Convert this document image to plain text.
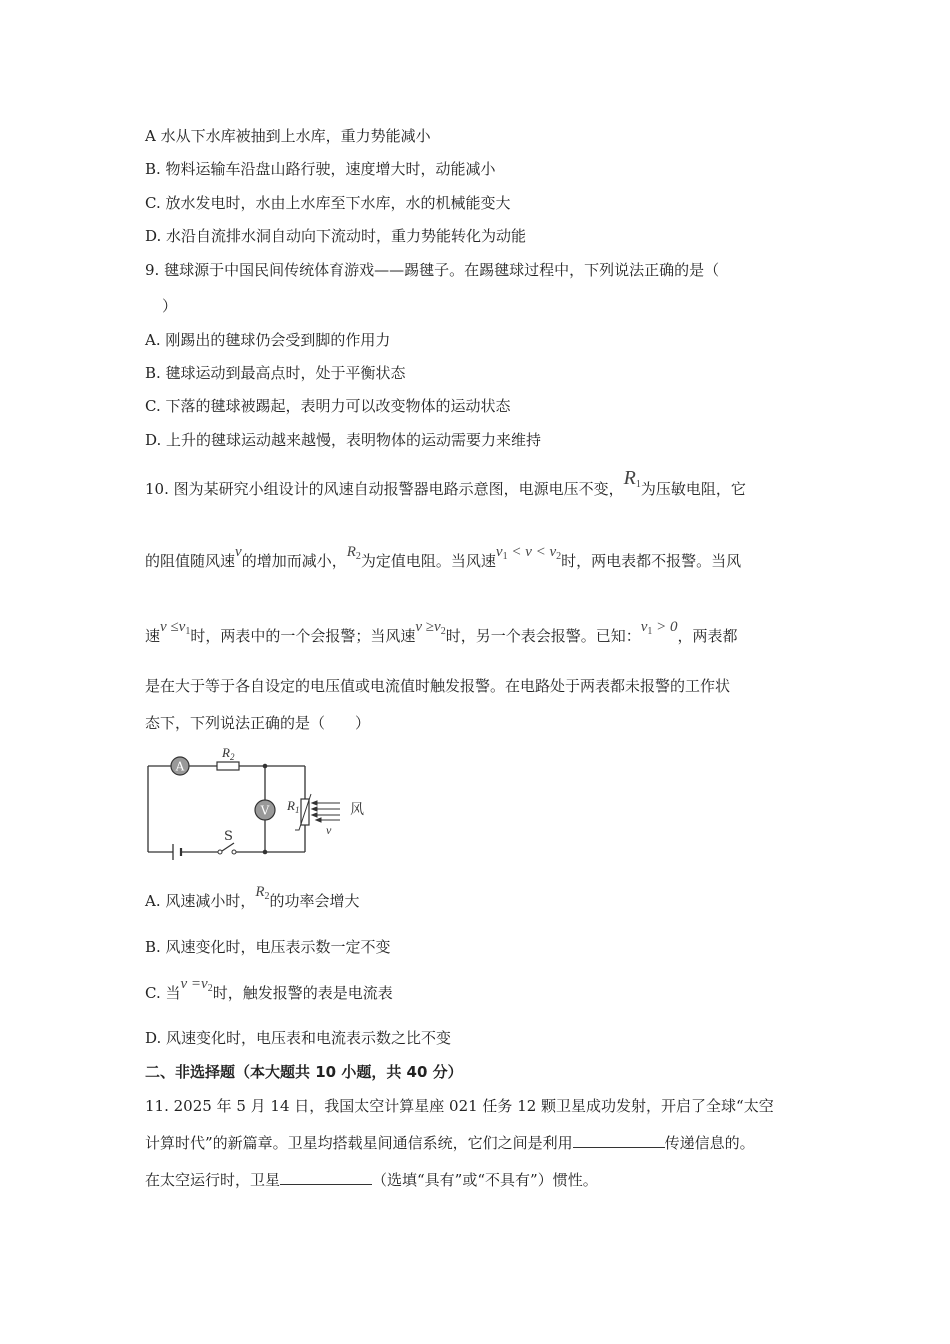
A 水从下水库被抽到上水库，重力势能减小
B. 物料运输车沿盘山路行驶，速度增大时，动能减小
C. 放水发电时，水由上水库至下水库，水的机械能变大
D. 水沿自流排水洞自动向下流动时，重力势能转化为动能
9. 毽球源于中国民间传统体育游戏——踢毽子。在踢毽球过程中，下列说法正确的是（
）
A. 刚踢出的毽球仍会受到脚的作用力
B. 毽球运动到最高点时，处于平衡状态
C. 下落的毽球被踢起，表明力可以改变物体的运动状态
D. 上升的毽球运动越来越慢，表明物体的运动需要力来维持
10. 图为某研究小组设计的风速自动报警器电路示意图，电源电压不变，$R_1$为压敏电阻，它
的阻值随风速v的增加而减小，$R_2$为定值电阻。当风速$v_1 < v < v_2$时，两电表都不报警。当风
速$v \le v_1$时，两表中的一个会报警；当风速$v \ge v_2$时，另一个表会报警。已知：$v_1 > 0$，两表都
是在大于等于各自设定的电压值或电流值时触发报警。在电路处于两表都未报警的工作状
态下，下列说法正确的是（　　）
A
$R_2$
V $R_1$	风
v
S
A. 风速减小时，$R_2$的功率会增大
B. 风速变化时，电压表示数一定不变
C. 当$v =v_2$时，触发报警的表是电流表
D. 风速变化时，电压表和电流表示数之比不变
二、非选择题（本大题共 10 小题，共 40 分）
11. 2025 年 5 月 14 日，我国太空计算星座 021 任务 12 颗卫星成功发射，开启了全球“太空
计算时代”的新篇章。卫星均搭载星间通信系统，它们之间是利用	传递信息的。
在太空运行时，卫星	（选填“具有”或“不具有”）惯性。
